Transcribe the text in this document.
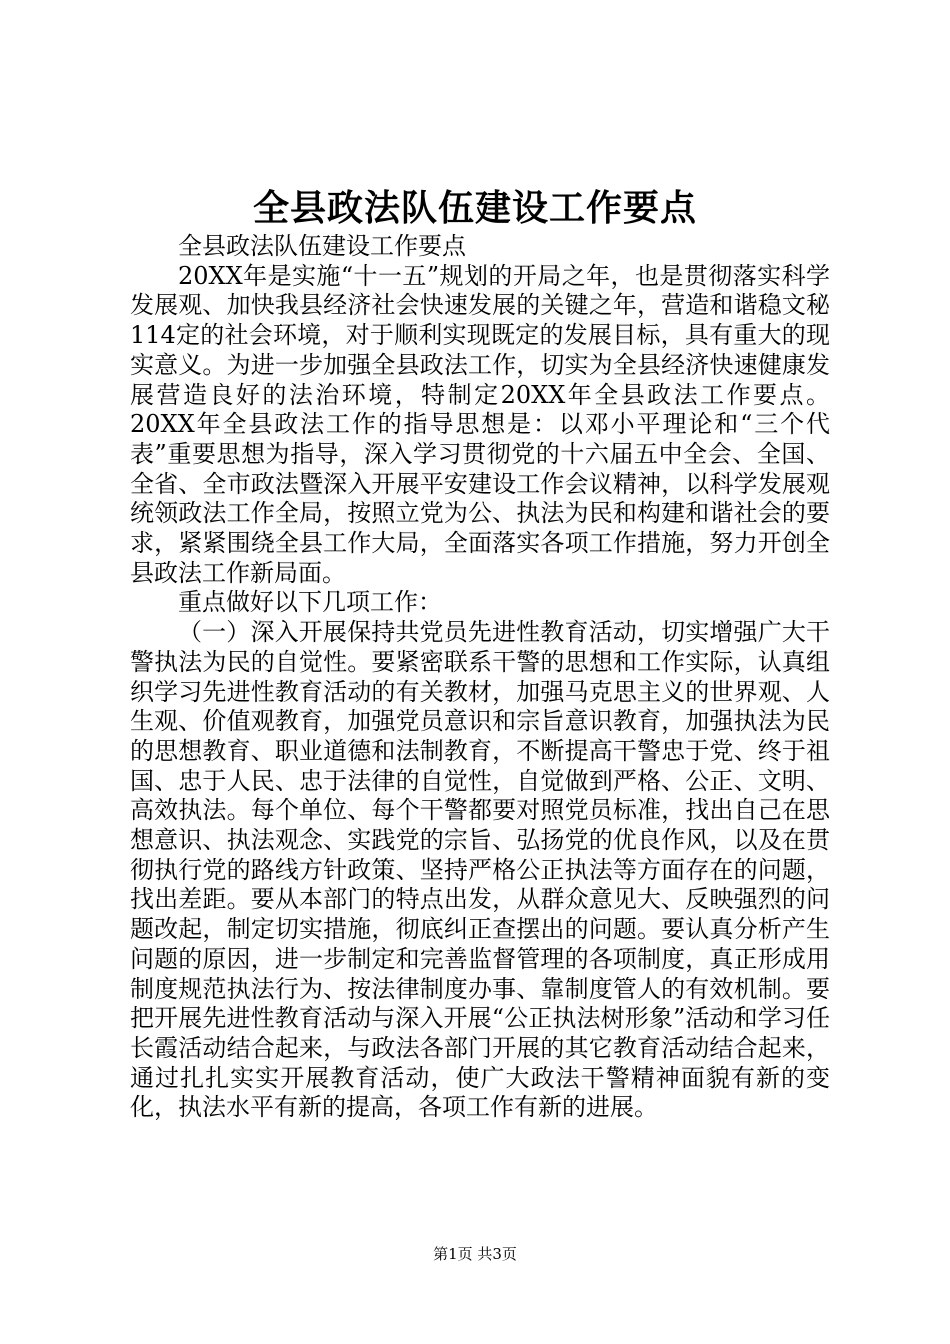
全县政法队伍建设工作要点

全县政法队伍建设工作要点

20XX年是实施“十一五”规划的开局之年，也是贯彻落实科学发展观、加快我县经济社会快速发展的关键之年，营造和谐稳文秘114定的社会环境，对于顺利实现既定的发展目标，具有重大的现实意义。为进一步加强全县政法工作，切实为全县经济快速健康发展营造良好的法治环境，特制定20XX年全县政法工作要点。20XX年全县政法工作的指导思想是：以邓小平理论和“三个代表”重要思想为指导，深入学习贯彻党的十六届五中全会、全国、全省、全市政法暨深入开展平安建设工作会议精神，以科学发展观统领政法工作全局，按照立党为公、执法为民和构建和谐社会的要求，紧紧围绕全县工作大局，全面落实各项工作措施，努力开创全县政法工作新局面。

重点做好以下几项工作：

（一）深入开展保持共党员先进性教育活动，切实增强广大干警执法为民的自觉性。要紧密联系干警的思想和工作实际，认真组织学习先进性教育活动的有关教材，加强马克思主义的世界观、人生观、价值观教育，加强党员意识和宗旨意识教育，加强执法为民的思想教育、职业道德和法制教育，不断提高干警忠于党、终于祖国、忠于人民、忠于法律的自觉性，自觉做到严格、公正、文明、高效执法。每个单位、每个干警都要对照党员标准，找出自己在思想意识、执法观念、实践党的宗旨、弘扬党的优良作风，以及在贯彻执行党的路线方针政策、坚持严格公正执法等方面存在的问题，找出差距。要从本部门的特点出发，从群众意见大、反映强烈的问题改起，制定切实措施，彻底纠正查摆出的问题。要认真分析产生问题的原因，进一步制定和完善监督管理的各项制度，真正形成用制度规范执法行为、按法律制度办事、靠制度管人的有效机制。要把开展先进性教育活动与深入开展“公正执法树形象”活动和学习任长霞活动结合起来，与政法各部门开展的其它教育活动结合起来，通过扎扎实实开展教育活动，使广大政法干警精神面貌有新的变化，执法水平有新的提高，各项工作有新的进展。

第1页 共3页
